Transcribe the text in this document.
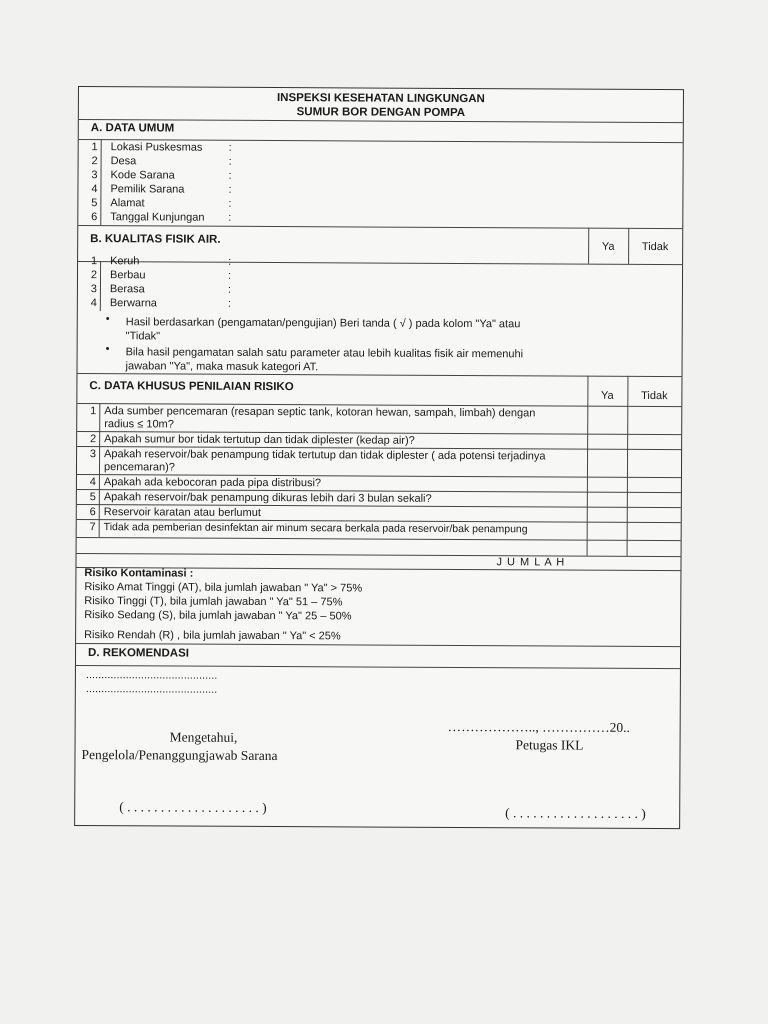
INSPEKSI KESEHATAN LINGKUNGAN
SUMUR BOR DENGAN POMPA
A. DATA UMUM
1 Lokasi Puskesmas :
2 Desa	:
3 Kode Sarana	:
4 Pemilik Sarana	:
5 Alamat	:
6 Tanggal Kunjungan :
B. KUALITAS FISIK AIR.
Ya	Tidak
1 Keruh	:
2 Berbau	:
3 Berasa	:
4 Berwarna	:
• Hasil berdasarkan (pengamatan/pengujian) Beri tanda ( √ ) pada kolom "Ya" atau
"Tidak"
• Bila hasil pengamatan salah satu parameter atau lebih kualitas fisik air memenuhi
jawaban "Ya", maka masuk kategori AT.
C. DATA KHUSUS PENILAIAN RISIKO
Ya	Tidak
1 Ada sumber pencemaran (resapan septic tank, kotoran hewan, sampah, limbah) dengan
radius ≤ 10m?
2 Apakah sumur bor tidak tertutup dan tidak diplester (kedap air)?
3 Apakah reservoir/bak penampung tidak tertutup dan tidak diplester ( ada potensi terjadinya
pencemaran)?
4 Apakah ada kebocoran pada pipa distribusi?
5 Apakah reservoir/bak penampung dikuras lebih dari 3 bulan sekali?
6 Reservoir karatan atau berlumut
7 Tidak ada pemberian desinfektan air minum secara berkala pada reservoir/bak penampung
J U M L A H
Risiko Kontaminasi :
Risiko Amat Tinggi (AT), bila jumlah jawaban " Ya" > 75%
Risiko Tinggi (T), bila jumlah jawaban " Ya" 51 – 75%
Risiko Sedang (S), bila jumlah jawaban " Ya" 25 – 50%
Risiko Rendah (R) , bila jumlah jawaban " Ya" < 25%
D. REKOMENDASI
...........................................
...........................................
……………….., ……………20..
Mengetahui,
Petugas IKL
Pengelola/Penanggungjawab Sarana
( . . . . . . . . . . . . . . . . . . . . )	( . . . . . . . . . . . . . . . . . . . )
